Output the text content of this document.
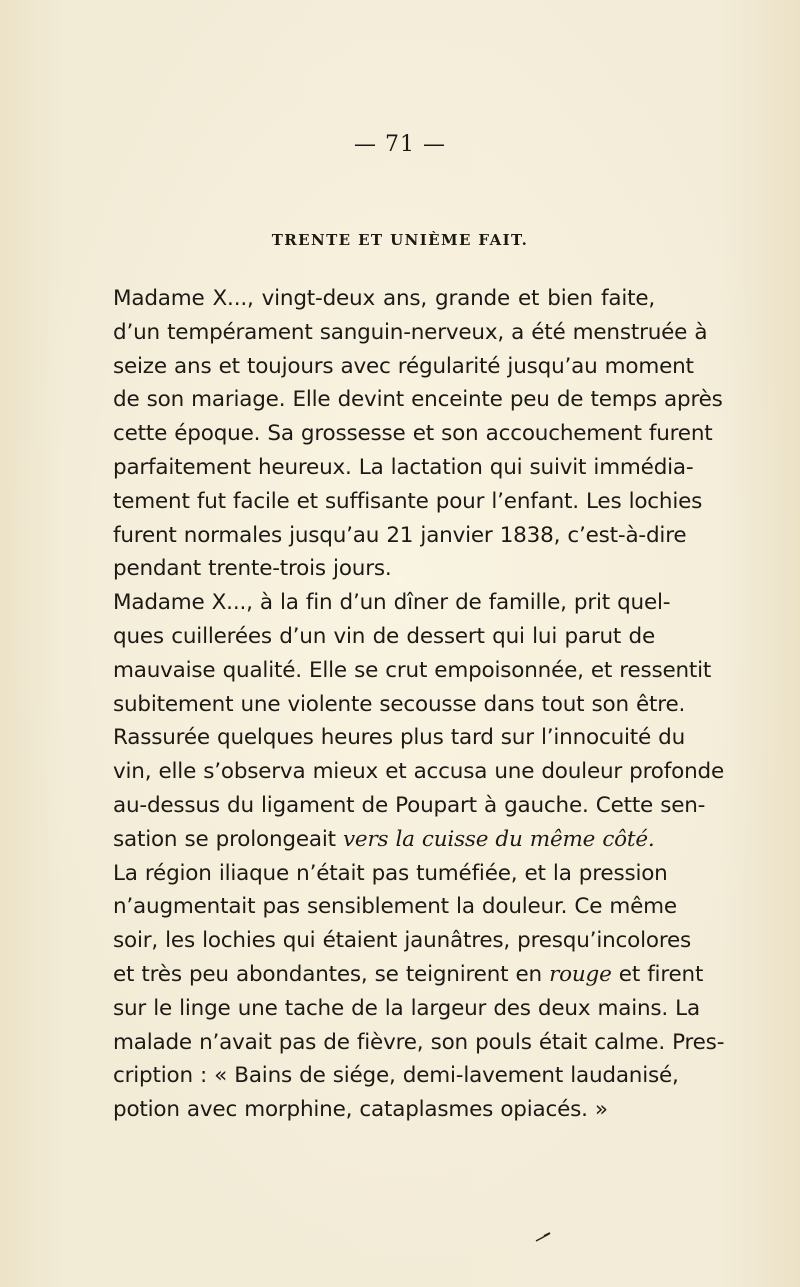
— 71 —
TRENTE ET UNIÈME FAIT.
Madame X..., vingt-deux ans, grande et bien faite,
d’un tempérament sanguin-nerveux, a été menstruée à
seize ans et toujours avec régularité jusqu’au moment
de son mariage. Elle devint enceinte peu de temps après
cette époque. Sa grossesse et son accouchement furent
parfaitement heureux. La lactation qui suivit immédia-
tement fut facile et suffisante pour l’enfant. Les lochies
furent normales jusqu’au 21 janvier 1838, c’est-à-dire
pendant trente-trois jours.
Madame X..., à la fin d’un dîner de famille, prit quel-
ques cuillerées d’un vin de dessert qui lui parut de
mauvaise qualité. Elle se crut empoisonnée, et ressentit
subitement une violente secousse dans tout son être.
Rassurée quelques heures plus tard sur l’innocuité du
vin, elle s’observa mieux et accusa une douleur profonde
au-dessus du ligament de Poupart à gauche. Cette sen-
sation se prolongeait vers la cuisse du même côté.
La région iliaque n’était pas tuméfiée, et la pression
n’augmentait pas sensiblement la douleur. Ce même
soir, les lochies qui étaient jaunâtres, presqu’incolores
et très peu abondantes, se teignirent en rouge et firent
sur le linge une tache de la largeur des deux mains. La
malade n’avait pas de fièvre, son pouls était calme. Pres-
cription : « Bains de siége, demi-lavement laudanisé,
potion avec morphine, cataplasmes opiacés. »
